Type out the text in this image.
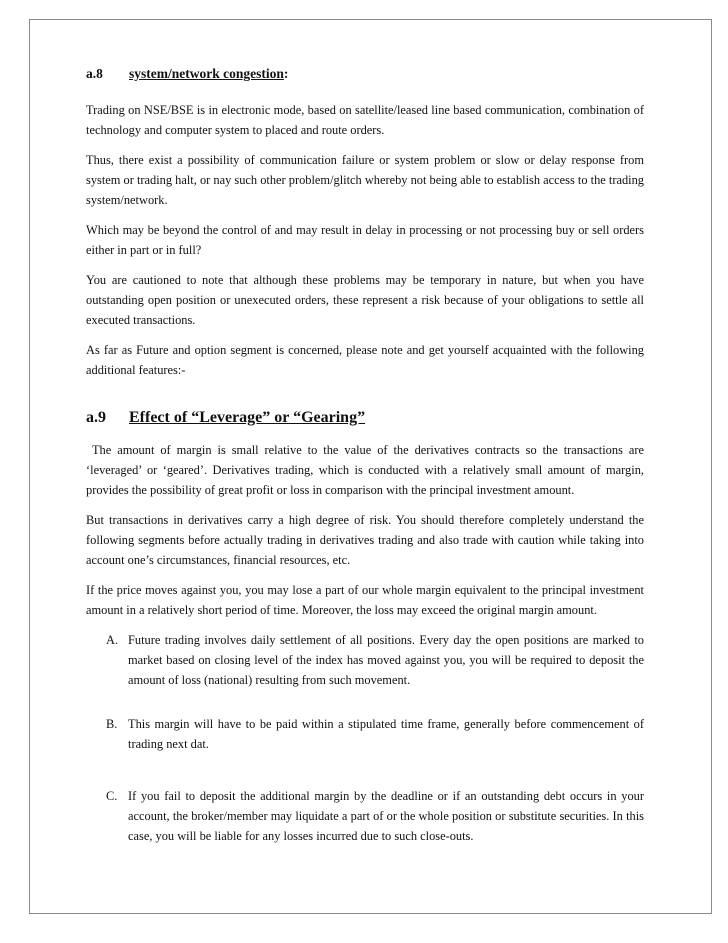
a.8 system/network congestion:

Trading on NSE/BSE is in electronic mode, based on satellite/leased line based communication, combination of technology and computer system to placed and route orders.

Thus, there exist a possibility of communication failure or system problem or slow or delay response from system or trading halt, or nay such other problem/glitch whereby not being able to establish access to the trading system/network.

Which may be beyond the control of and may result in delay in processing or not processing buy or sell orders either in part or in full?

You are cautioned to note that although these problems may be temporary in nature, but when you have outstanding open position or unexecuted orders, these represent a risk because of your obligations to settle all executed transactions.

As far as Future and option segment is concerned, please note and get yourself acquainted with the following additional features:-

a.9 Effect of “Leverage” or “Gearing”

The amount of margin is small relative to the value of the derivatives contracts so the transactions are ‘leveraged’ or ‘geared’. Derivatives trading, which is conducted with a relatively small amount of margin, provides the possibility of great profit or loss in comparison with the principal investment amount.

But transactions in derivatives carry a high degree of risk. You should therefore completely understand the following segments before actually trading in derivatives trading and also trade with caution while taking into account one’s circumstances, financial resources, etc.

If the price moves against you, you may lose a part of our whole margin equivalent to the principal investment amount in a relatively short period of time. Moreover, the loss may exceed the original margin amount.

A. Future trading involves daily settlement of all positions. Every day the open positions are marked to market based on closing level of the index has moved against you, you will be required to deposit the amount of loss (national) resulting from such movement.
B. This margin will have to be paid within a stipulated time frame, generally before commencement of trading next dat.
C. If you fail to deposit the additional margin by the deadline or if an outstanding debt occurs in your account, the broker/member may liquidate a part of or the whole position or substitute securities. In this case, you will be liable for any losses incurred due to such close-outs.
